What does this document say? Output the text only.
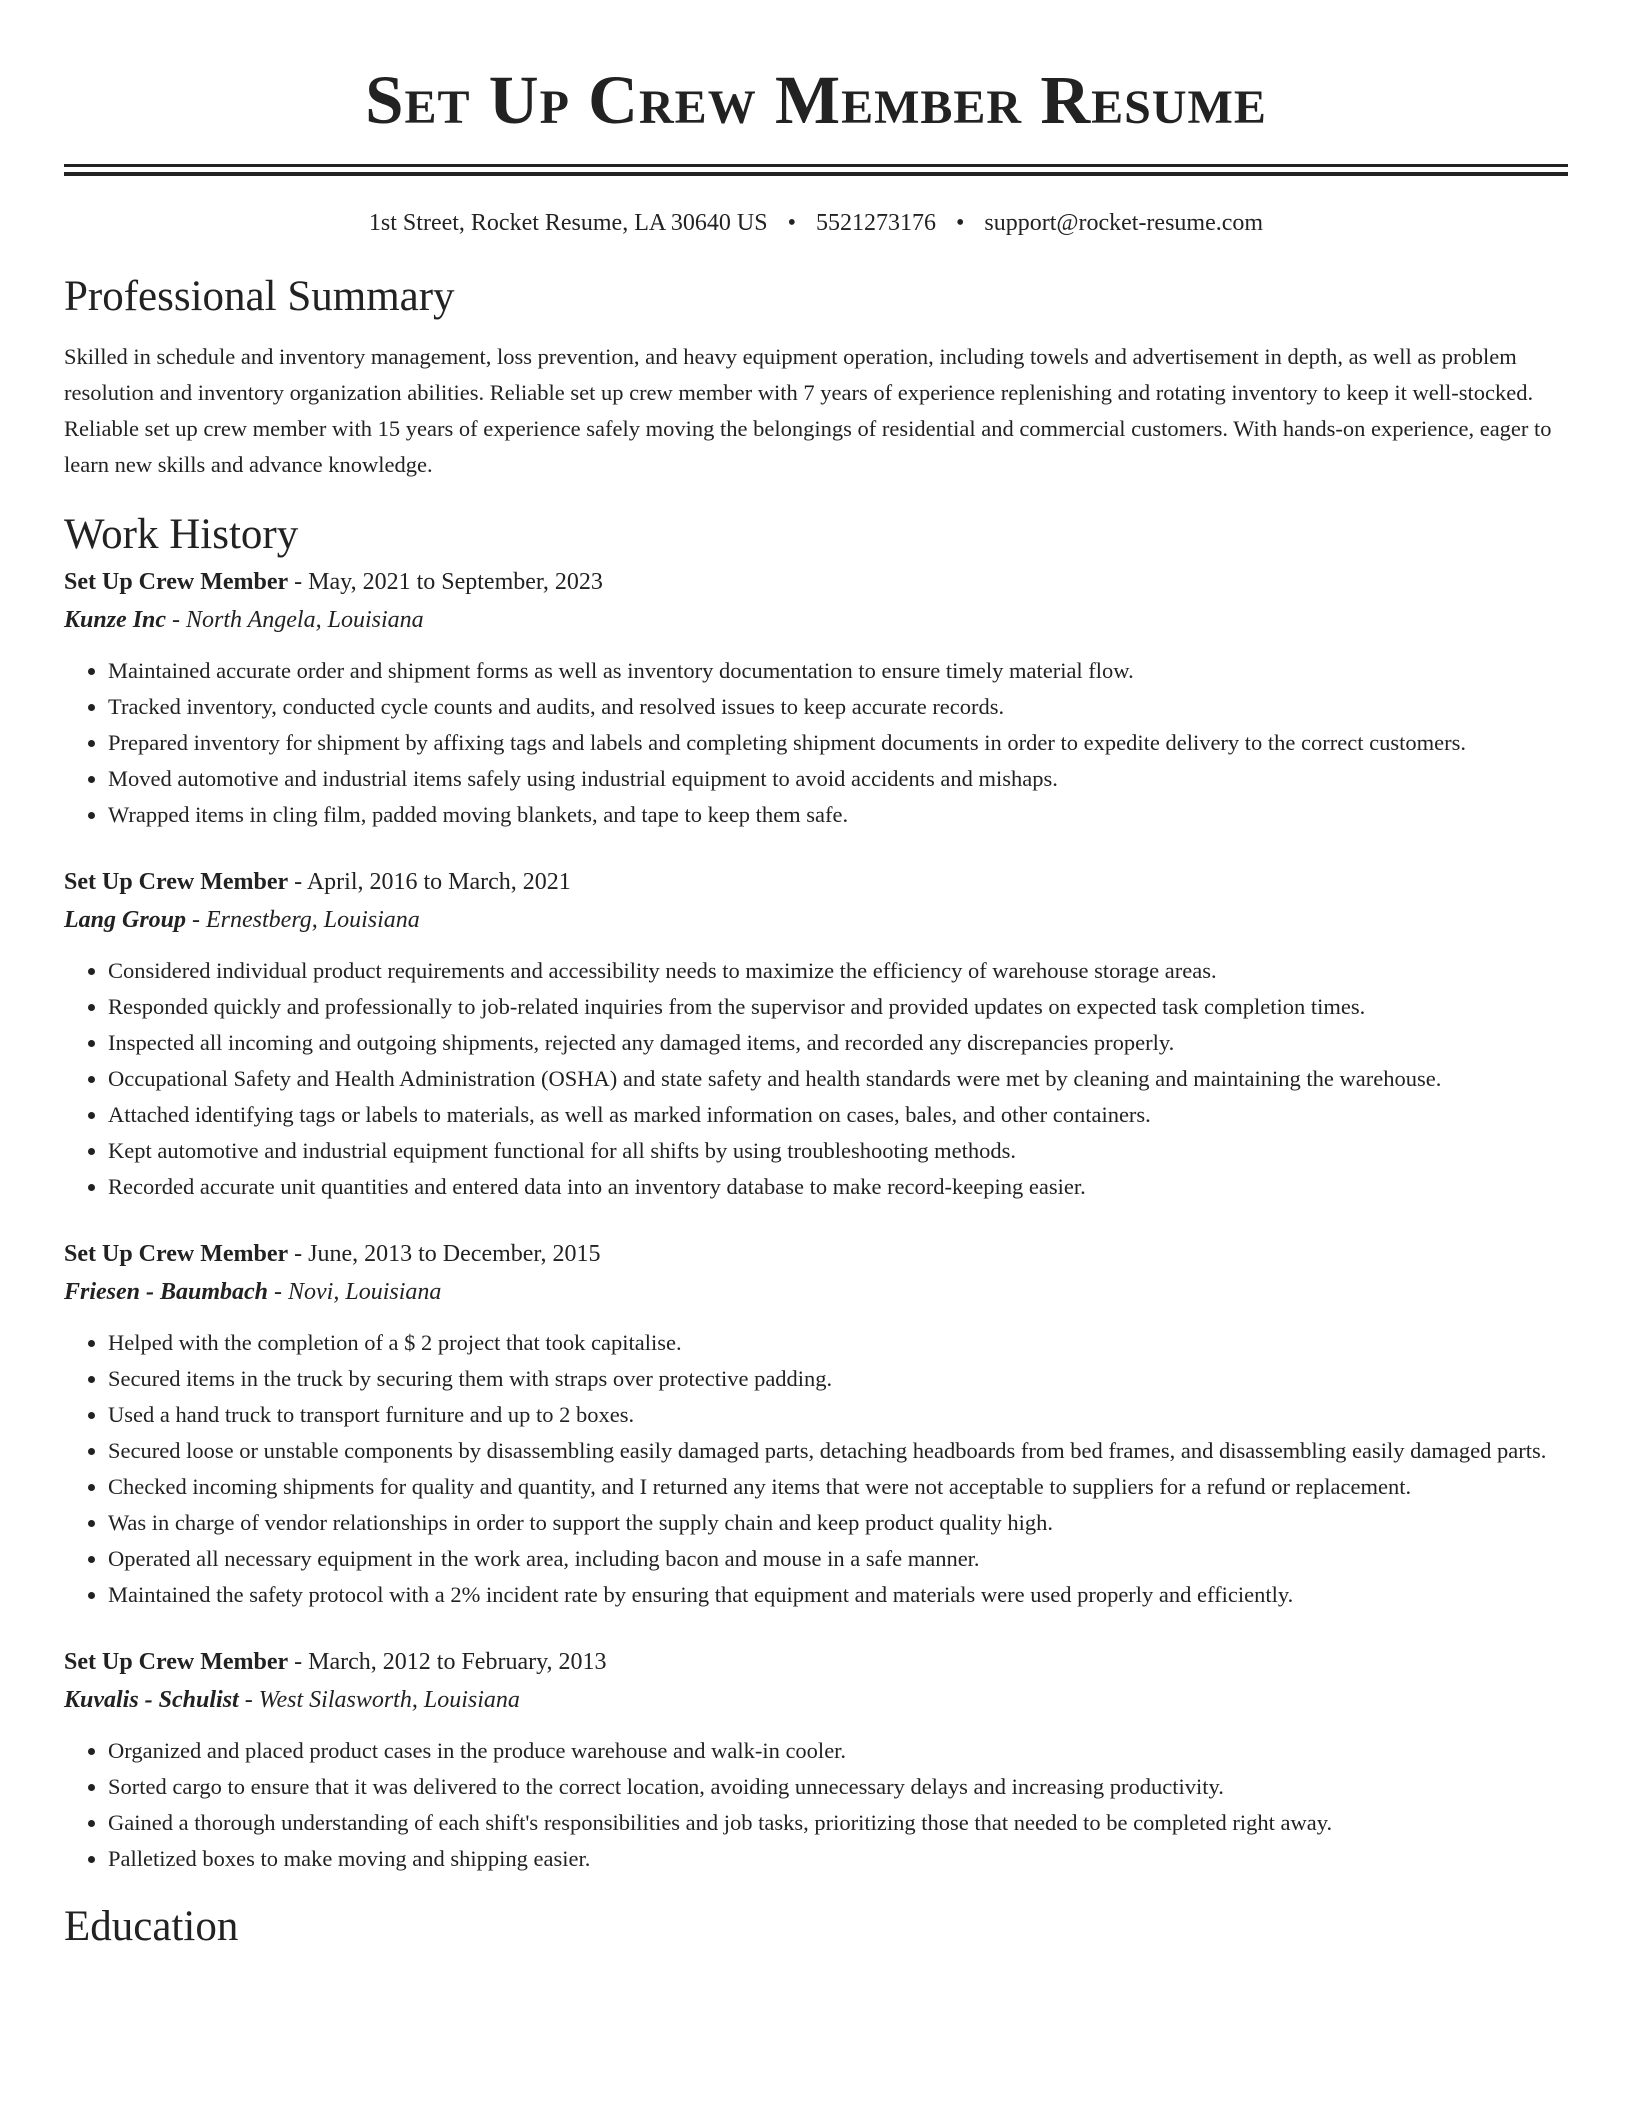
Set Up Crew Member Resume
1st Street, Rocket Resume, LA 30640 US • 5521273176 • support@rocket-resume.com
Professional Summary
Skilled in schedule and inventory management, loss prevention, and heavy equipment operation, including towels and advertisement in depth, as well as problem resolution and inventory organization abilities. Reliable set up crew member with 7 years of experience replenishing and rotating inventory to keep it well-stocked. Reliable set up crew member with 15 years of experience safely moving the belongings of residential and commercial customers. With hands-on experience, eager to learn new skills and advance knowledge.
Work History
Set Up Crew Member - May, 2021 to September, 2023
Kunze Inc - North Angela, Louisiana
• Maintained accurate order and shipment forms as well as inventory documentation to ensure timely material flow.
• Tracked inventory, conducted cycle counts and audits, and resolved issues to keep accurate records.
• Prepared inventory for shipment by affixing tags and labels and completing shipment documents in order to expedite delivery to the correct customers.
• Moved automotive and industrial items safely using industrial equipment to avoid accidents and mishaps.
• Wrapped items in cling film, padded moving blankets, and tape to keep them safe.
Set Up Crew Member - April, 2016 to March, 2021
Lang Group - Ernestberg, Louisiana
• Considered individual product requirements and accessibility needs to maximize the efficiency of warehouse storage areas.
• Responded quickly and professionally to job-related inquiries from the supervisor and provided updates on expected task completion times.
• Inspected all incoming and outgoing shipments, rejected any damaged items, and recorded any discrepancies properly.
• Occupational Safety and Health Administration (OSHA) and state safety and health standards were met by cleaning and maintaining the warehouse.
• Attached identifying tags or labels to materials, as well as marked information on cases, bales, and other containers.
• Kept automotive and industrial equipment functional for all shifts by using troubleshooting methods.
• Recorded accurate unit quantities and entered data into an inventory database to make record-keeping easier.
Set Up Crew Member - June, 2013 to December, 2015
Friesen - Baumbach - Novi, Louisiana
• Helped with the completion of a $ 2 project that took capitalise.
• Secured items in the truck by securing them with straps over protective padding.
• Used a hand truck to transport furniture and up to 2 boxes.
• Secured loose or unstable components by disassembling easily damaged parts, detaching headboards from bed frames, and disassembling easily damaged parts.
• Checked incoming shipments for quality and quantity, and I returned any items that were not acceptable to suppliers for a refund or replacement.
• Was in charge of vendor relationships in order to support the supply chain and keep product quality high.
• Operated all necessary equipment in the work area, including bacon and mouse in a safe manner.
• Maintained the safety protocol with a 2% incident rate by ensuring that equipment and materials were used properly and efficiently.
Set Up Crew Member - March, 2012 to February, 2013
Kuvalis - Schulist - West Silasworth, Louisiana
• Organized and placed product cases in the produce warehouse and walk-in cooler.
• Sorted cargo to ensure that it was delivered to the correct location, avoiding unnecessary delays and increasing productivity.
• Gained a thorough understanding of each shift's responsibilities and job tasks, prioritizing those that needed to be completed right away.
• Palletized boxes to make moving and shipping easier.
Education
